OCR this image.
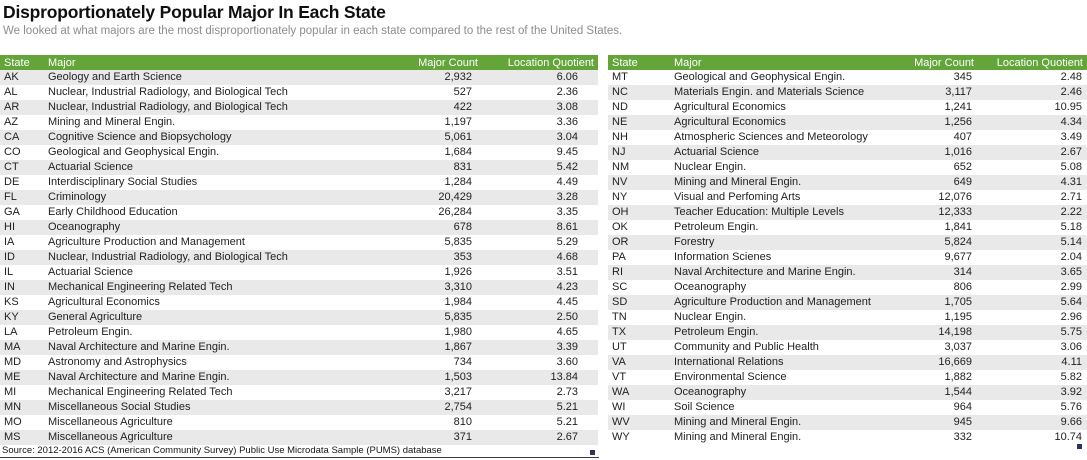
Disproportionately Popular Major In Each State
We looked at what majors are the most disproportionately popular in each state compared to the rest of the United States.
State	Major	Major Count	Location Quotient
AK	Geology and Earth Science	2,932	6.06
AL	Nuclear, Industrial Radiology, and Biological Tech	527	2.36
AR	Nuclear, Industrial Radiology, and Biological Tech	422	3.08
AZ	Mining and Mineral Engin.	1,197	3.36
CA	Cognitive Science and Biopsychology	5,061	3.04
CO	Geological and Geophysical Engin.	1,684	9.45
CT	Actuarial Science	831	5.42
DE	Interdisciplinary Social Studies	1,284	4.49
FL	Criminology	20,429	3.28
GA	Early Childhood Education	26,284	3.35
HI	Oceanography	678	8.61
IA	Agriculture Production and Management	5,835	5.29
ID	Nuclear, Industrial Radiology, and Biological Tech	353	4.68
IL	Actuarial Science	1,926	3.51
IN	Mechanical Engineering Related Tech	3,310	4.23
KS	Agricultural Economics	1,984	4.45
KY	General Agriculture	5,835	2.50
LA	Petroleum Engin.	1,980	4.65
MA	Naval Architecture and Marine Engin.	1,867	3.39
MD	Astronomy and Astrophysics	734	3.60
ME	Naval Architecture and Marine Engin.	1,503	13.84
MI	Mechanical Engineering Related Tech	3,217	2.73
MN	Miscellaneous Social Studies	2,754	5.21
MO	Miscellaneous Agriculture	810	5.21
MS	Miscellaneous Agriculture	371	2.67
State	Major	Major Count	Location Quotient
MT	Geological and Geophysical Engin.	345	2.48
NC	Materials Engin. and Materials Science	3,117	2.46
ND	Agricultural Economics	1,241	10.95
NE	Agricultural Economics	1,256	4.34
NH	Atmospheric Sciences and Meteorology	407	3.49
NJ	Actuarial Science	1,016	2.67
NM	Nuclear Engin.	652	5.08
NV	Mining and Mineral Engin.	649	4.31
NY	Visual and Perfoming Arts	12,076	2.71
OH	Teacher Education: Multiple Levels	12,333	2.22
OK	Petroleum Engin.	1,841	5.18
OR	Forestry	5,824	5.14
PA	Information Scienes	9,677	2.04
RI	Naval Architecture and Marine Engin.	314	3.65
SC	Oceanography	806	2.99
SD	Agriculture Production and Management	1,705	5.64
TN	Nuclear Engin.	1,195	2.96
TX	Petroleum Engin.	14,198	5.75
UT	Community and Public Health	3,037	3.06
VA	International Relations	16,669	4.11
VT	Environmental Science	1,882	5.82
WA	Oceanography	1,544	3.92
WI	Soil Science	964	5.76
WV	Mining and Mineral Engin.	945	9.66
WY	Mining and Mineral Engin.	332	10.74
Source: 2012-2016 ACS (American Community Survey) Public Use Microdata Sample (PUMS) database
